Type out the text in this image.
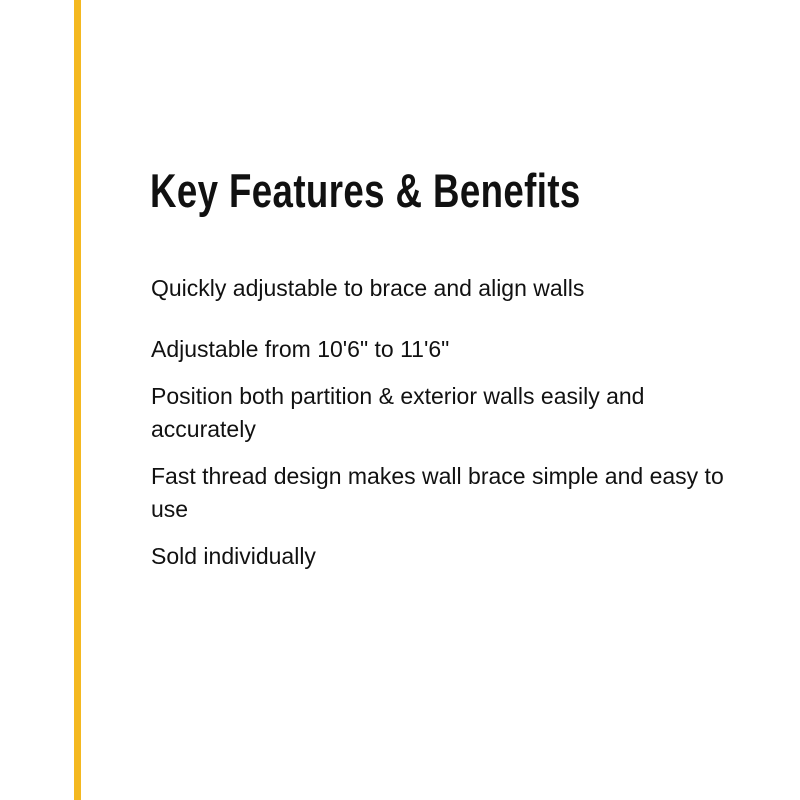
Key Features & Benefits
Quickly adjustable to brace and align walls
Adjustable from 10'6" to 11'6"
Position both partition & exterior walls easily and accurately
Fast thread design makes wall brace simple and easy to use
Sold individually
